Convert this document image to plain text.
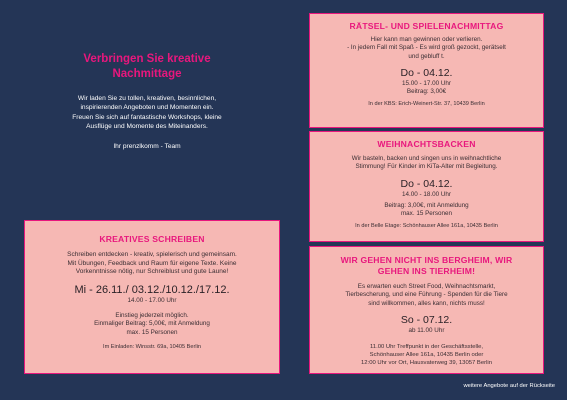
Verbringen Sie kreative
Nachmittage

Wir laden Sie zu tollen, kreativen, besinnlichen,
inspirierenden Angeboten und Momenten ein.
Freuen Sie sich auf fantastische Workshops, kleine
Ausflüge und Momente des Miteinanders.

Ihr prenzlkomm - Team

RÄTSEL- UND SPIELENACHMITTAG
Hier kann man gewinnen oder verlieren.
- In jedem Fall mit Spaß - Es wird groß gezockt, gerätselt
und gebluff t.
Do - 04.12.
15.00 - 17.00 Uhr
Beitrag: 3,00€
In der KBS: Erich-Weinert-Str. 37, 10439 Berlin
WEIHNACHTSBACKEN
Wir basteln, backen und singen uns in weihnachtliche
Stimmung! Für Kinder im KiTa-Alter mit Begleitung.
Do - 04.12.
14.00 - 18.00 Uhr
Beitrag: 3,00€, mit Anmeldung
max. 15 Personen
In der Belle Etage: Schönhauser Allee 161a, 10435 Berlin
WIR GEHEN NICHT INS BERGHEIM, WIR
GEHEN INS TIERHEIM!
Es erwarten euch Street Food, Weihnachtsmarkt,
Tierbescherung, und eine Führung - Spenden für die Tiere
sind willkommen, alles kann, nichts muss!
So - 07.12.
ab 11.00 Uhr
11.00 Uhr Treffpunkt in der Geschäftsstelle,
Schönhauser Allee 161a, 10435 Berlin oder
12:00 Uhr vor Ort, Hausvaterweg 39, 13057 Berlin
KREATIVES SCHREIBEN
Schreiben entdecken - kreativ, spielerisch und gemeinsam.
Mit Übungen, Feedback und Raum für eigene Texte. Keine
Vorkenntnisse nötig, nur Schreiblust und gute Laune!
Mi - 26.11./ 03.12./10.12./17.12.
14.00 - 17.00 Uhr
Einstieg jederzeit möglich.
Einmaliger Beitrag: 5,00€, mit Anmeldung
max. 15 Personen
Im Einladen: Winsstr. 69a, 10405 Berlin
weitere Angebote auf der Rückseite
